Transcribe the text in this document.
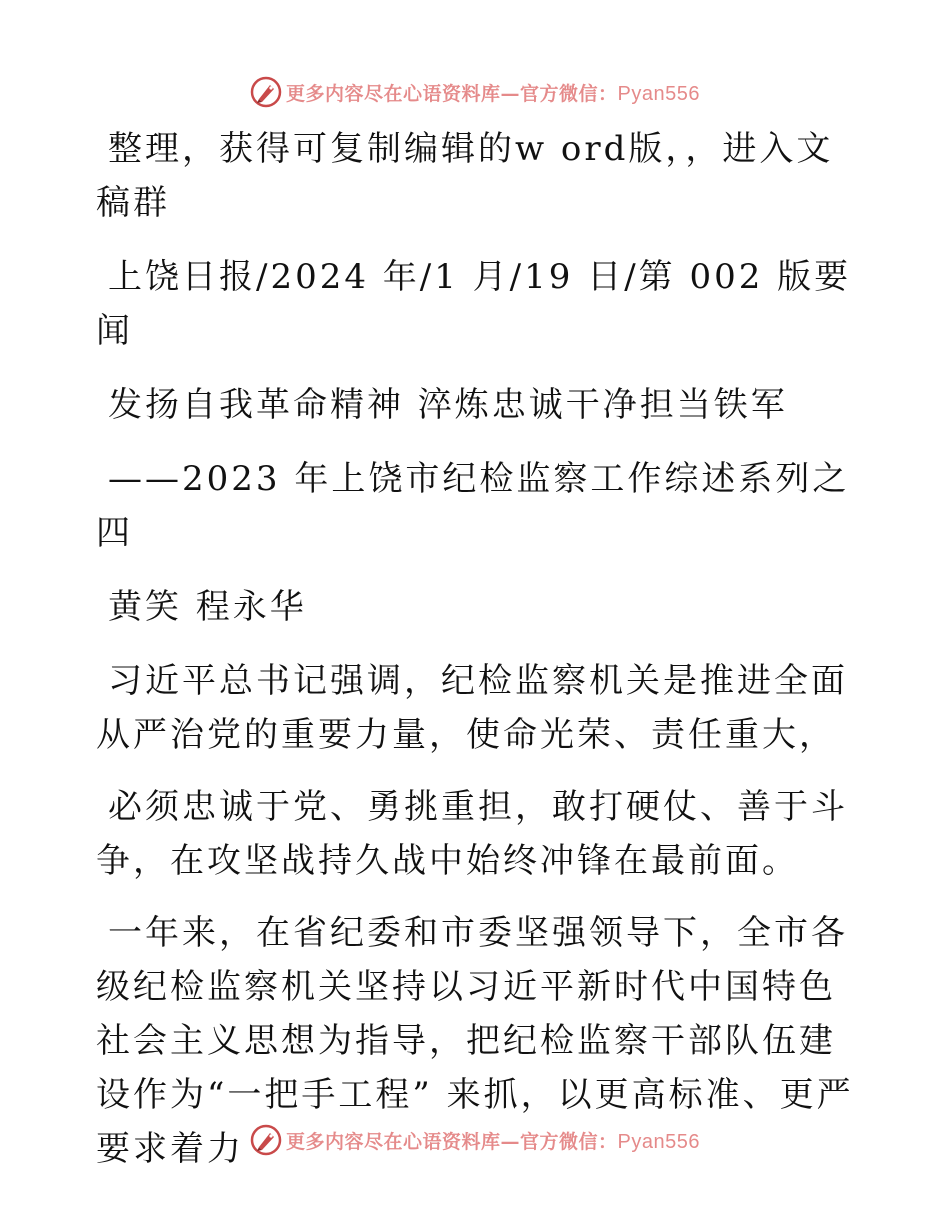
更多内容尽在心语资料库—官方微信：Pyan556

整理，获得可复制编辑的w ord版，，进入文稿群

上饶日报/2024 年/1 月/19 日/第 002 版要闻

发扬自我革命精神 淬炼忠诚干净担当铁军

——2023 年上饶市纪检监察工作综述系列之四

黄笑 程永华

习近平总书记强调，纪检监察机关是推进全面从严治党的重要力量，使命光荣、责任重大，

必须忠诚于党、勇挑重担，敢打硬仗、善于斗争，在攻坚战持久战中始终冲锋在最前面。

一年来，在省纪委和市委坚强领导下，全市各级纪检监察机关坚持以习近平新时代中国特色社会主义思想为指导，把纪检监察干部队伍建设作为“一把手工程” 来抓，以更高标准、更严要求着力	更多内容尽在心语资料库—官方微信：Pyan556
